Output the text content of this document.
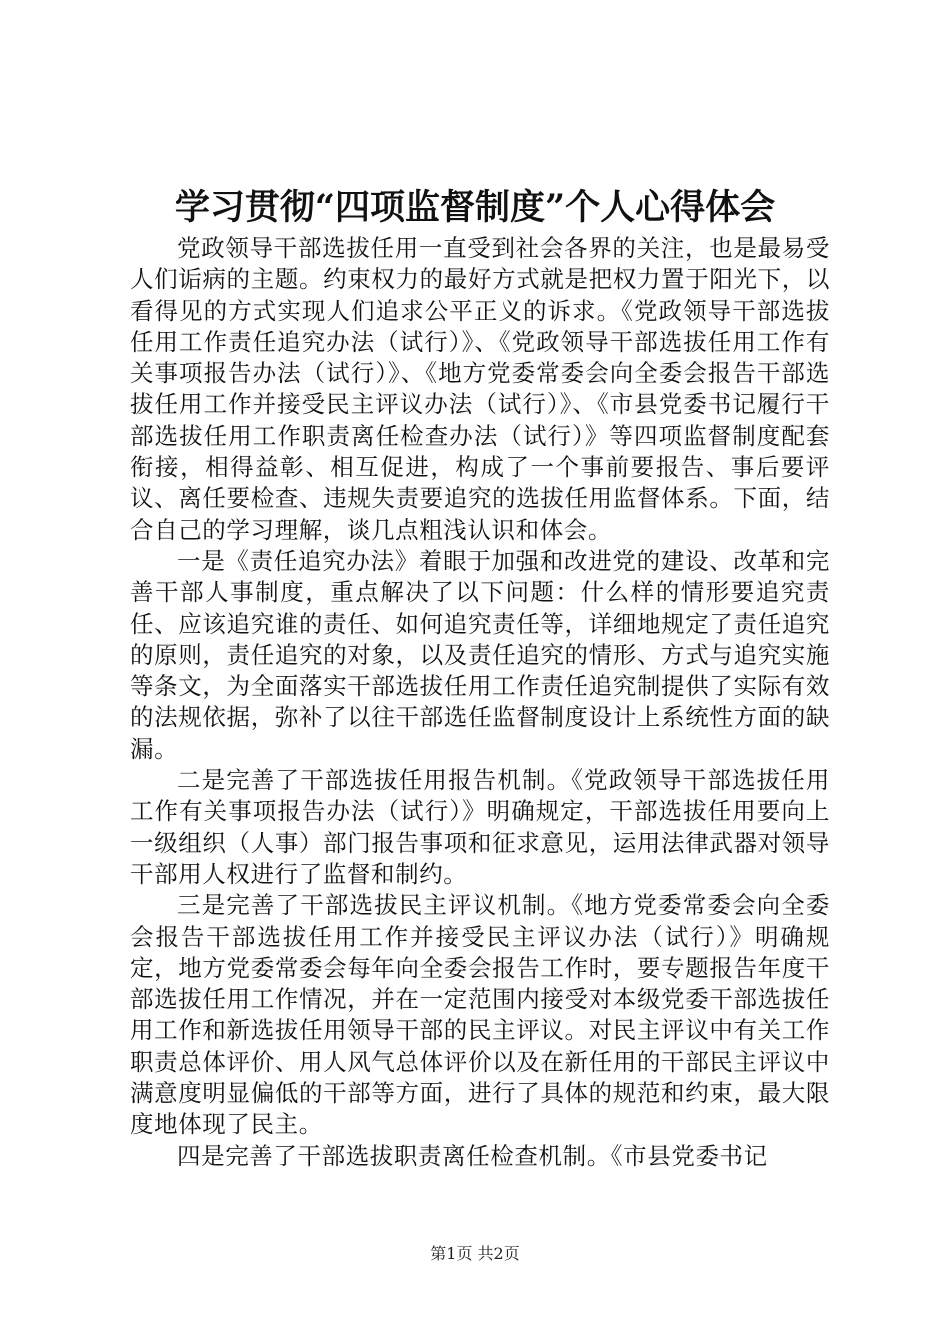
学习贯彻“四项监督制度”个人心得体会

党政领导干部选拔任用一直受到社会各界的关注，也是最易受人们诟病的主题。约束权力的最好方式就是把权力置于阳光下，以看得见的方式实现人们追求公平正义的诉求。《党政领导干部选拔任用工作责任追究办法（试行）》、《党政领导干部选拔任用工作有关事项报告办法（试行）》、《地方党委常委会向全委会报告干部选拔任用工作并接受民主评议办法（试行）》、《市县党委书记履行干部选拔任用工作职责离任检查办法（试行）》等四项监督制度配套衔接，相得益彰、相互促进，构成了一个事前要报告、事后要评议、离任要检查、违规失责要追究的选拔任用监督体系。下面，结合自己的学习理解，谈几点粗浅认识和体会。

一是《责任追究办法》着眼于加强和改进党的建设、改革和完善干部人事制度，重点解决了以下问题：什么样的情形要追究责任、应该追究谁的责任、如何追究责任等，详细地规定了责任追究的原则，责任追究的对象，以及责任追究的情形、方式与追究实施等条文，为全面落实干部选拔任用工作责任追究制提供了实际有效的法规依据，弥补了以往干部选任监督制度设计上系统性方面的缺漏。

二是完善了干部选拔任用报告机制。《党政领导干部选拔任用工作有关事项报告办法（试行）》明确规定，干部选拔任用要向上一级组织（人事）部门报告事项和征求意见，运用法律武器对领导干部用人权进行了监督和制约。

三是完善了干部选拔民主评议机制。《地方党委常委会向全委会报告干部选拔任用工作并接受民主评议办法（试行）》明确规定，地方党委常委会每年向全委会报告工作时，要专题报告年度干部选拔任用工作情况，并在一定范围内接受对本级党委干部选拔任用工作和新选拔任用领导干部的民主评议。对民主评议中有关工作职责总体评价、用人风气总体评价以及在新任用的干部民主评议中满意度明显偏低的干部等方面，进行了具体的规范和约束，最大限度地体现了民主。

四是完善了干部选拔职责离任检查机制。《市县党委书记

第1页 共2页
